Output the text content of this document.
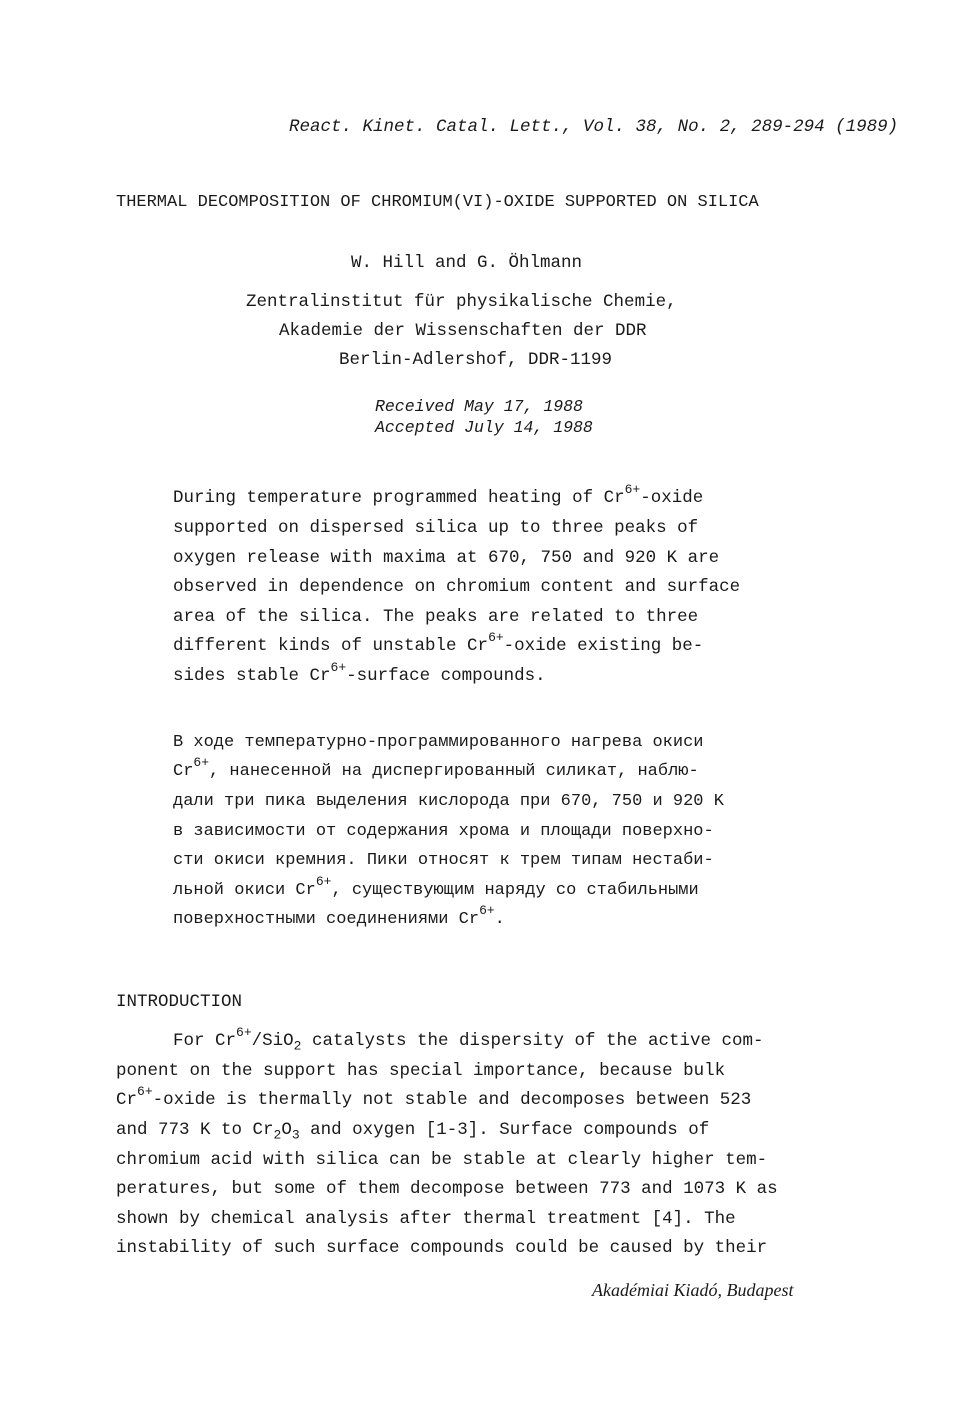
React. Kinet. Catal. Lett., Vol. 38, No. 2, 289-294 (1989)
THERMAL DECOMPOSITION OF CHROMIUM(VI)-OXIDE SUPPORTED ON SILICA
W. Hill and G. Öhlmann
Zentralinstitut für physikalische Chemie,
Akademie der Wissenschaften der DDR
Berlin-Adlershof, DDR-1199
Received May 17, 1988
Accepted July 14, 1988
During temperature programmed heating of $Cr^{6+}$-oxide
supported on dispersed silica up to three peaks of
oxygen release with maxima at 670, 750 and 920 K are
observed in dependence on chromium content and surface
area of the silica. The peaks are related to three
different kinds of unstable $Cr^{6+}$-oxide existing be-
sides stable $Cr^{6+}$-surface compounds.
В ходе температурно-программированного нагрева окиси
$Cr^{6+}$, нанесенной на диспергированный силикат, наблю-
дали три пика выделения кислорода при 670, 750 и 920 K
в зависимости от содержания хрома и площади поверхно-
сти окиси кремния. Пики относят к трем типам нестаби-
льной окиси $Cr^{6+}$, существующим наряду со стабильными
поверхностными соединениями $Cr^{6+}$.
INTRODUCTION
For $Cr^{6+}/SiO_2$ catalysts the dispersity of the active com-
ponent on the support has special importance, because bulk
$Cr^{6+}$-oxide is thermally not stable and decomposes between 523
and 773 K to $Cr_2O_3$ and oxygen [1-3]. Surface compounds of
chromium acid with silica can be stable at clearly higher tem-
peratures, but some of them decompose between 773 and 1073 K as
shown by chemical analysis after thermal treatment [4]. The
instability of such surface compounds could be caused by their
Akadémiai Kiadó, Budapest
